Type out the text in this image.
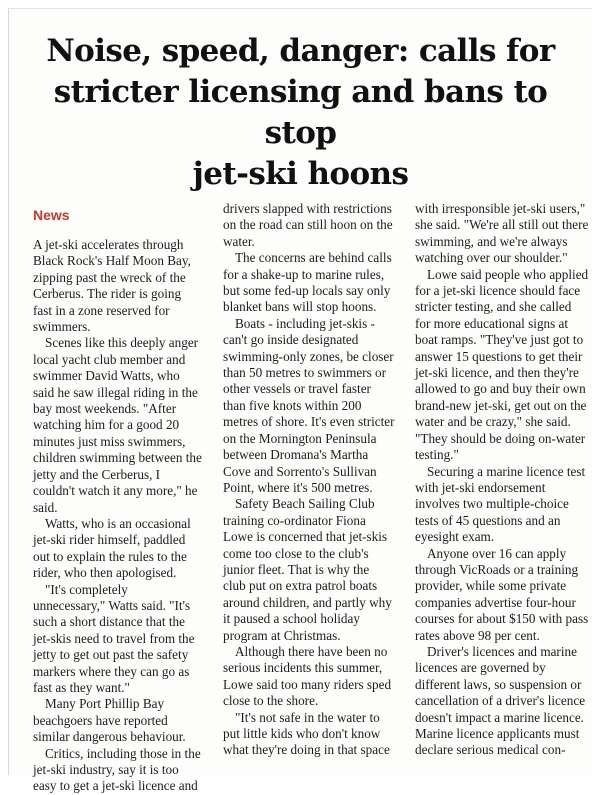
Noise, speed, danger: calls for
stricter licensing and bans to stop
jet-ski hoons
News

A jet-ski accelerates through Black Rock's Half Moon Bay, zipping past the wreck of the Cerberus. The rider is going fast in a zone reserved for swimmers.

Scenes like this deeply anger local yacht club member and swimmer David Watts, who said he saw illegal riding in the bay most weekends. "After watching him for a good 20 minutes just miss swimmers, children swimming between the jetty and the Cerberus, I couldn't watch it any more," he said.

Watts, who is an occasional jet-ski rider himself, paddled out to explain the rules to the rider, who then apologised.

"It's completely unnecessary," Watts said. "It's such a short distance that the jet-skis need to travel from the jetty to get out past the safety markers where they can go as fast as they want."

Many Port Phillip Bay beachgoers have reported similar dangerous behaviour.

Critics, including those in the jet-ski industry, say it is too easy to get a jet-ski licence and

drivers slapped with restrictions on the road can still hoon on the water.

The concerns are behind calls for a shake-up to marine rules, but some fed-up locals say only blanket bans will stop hoons.

Boats - including jet-skis - can't go inside designated swimming-only zones, be closer than 50 metres to swimmers or other vessels or travel faster than five knots within 200 metres of shore. It's even stricter on the Mornington Peninsula between Dromana's Martha Cove and Sorrento's Sullivan Point, where it's 500 metres.

Safety Beach Sailing Club training co-ordinator Fiona Lowe is concerned that jet-skis come too close to the club's junior fleet. That is why the club put on extra patrol boats around children, and partly why it paused a school holiday program at Christmas.

Although there have been no serious incidents this summer, Lowe said too many riders sped close to the shore.

"It's not safe in the water to put little kids who don't know what they're doing in that space

with irresponsible jet-ski users," she said. "We're all still out there swimming, and we're always watching over our shoulder."

Lowe said people who applied for a jet-ski licence should face stricter testing, and she called for more educational signs at boat ramps. "They've just got to answer 15 questions to get their jet-ski licence, and then they're allowed to go and buy their own brand-new jet-ski, get out on the water and be crazy," she said. "They should be doing on-water testing."

Securing a marine licence test with jet-ski endorsement involves two multiple-choice tests of 45 questions and an eyesight exam.

Anyone over 16 can apply through VicRoads or a training provider, while some private companies advertise four-hour courses for about $150 with pass rates above 98 per cent.

Driver's licences and marine licences are governed by different laws, so suspension or cancellation of a driver's licence doesn't impact a marine licence. Marine licence applicants must declare serious medical con-
